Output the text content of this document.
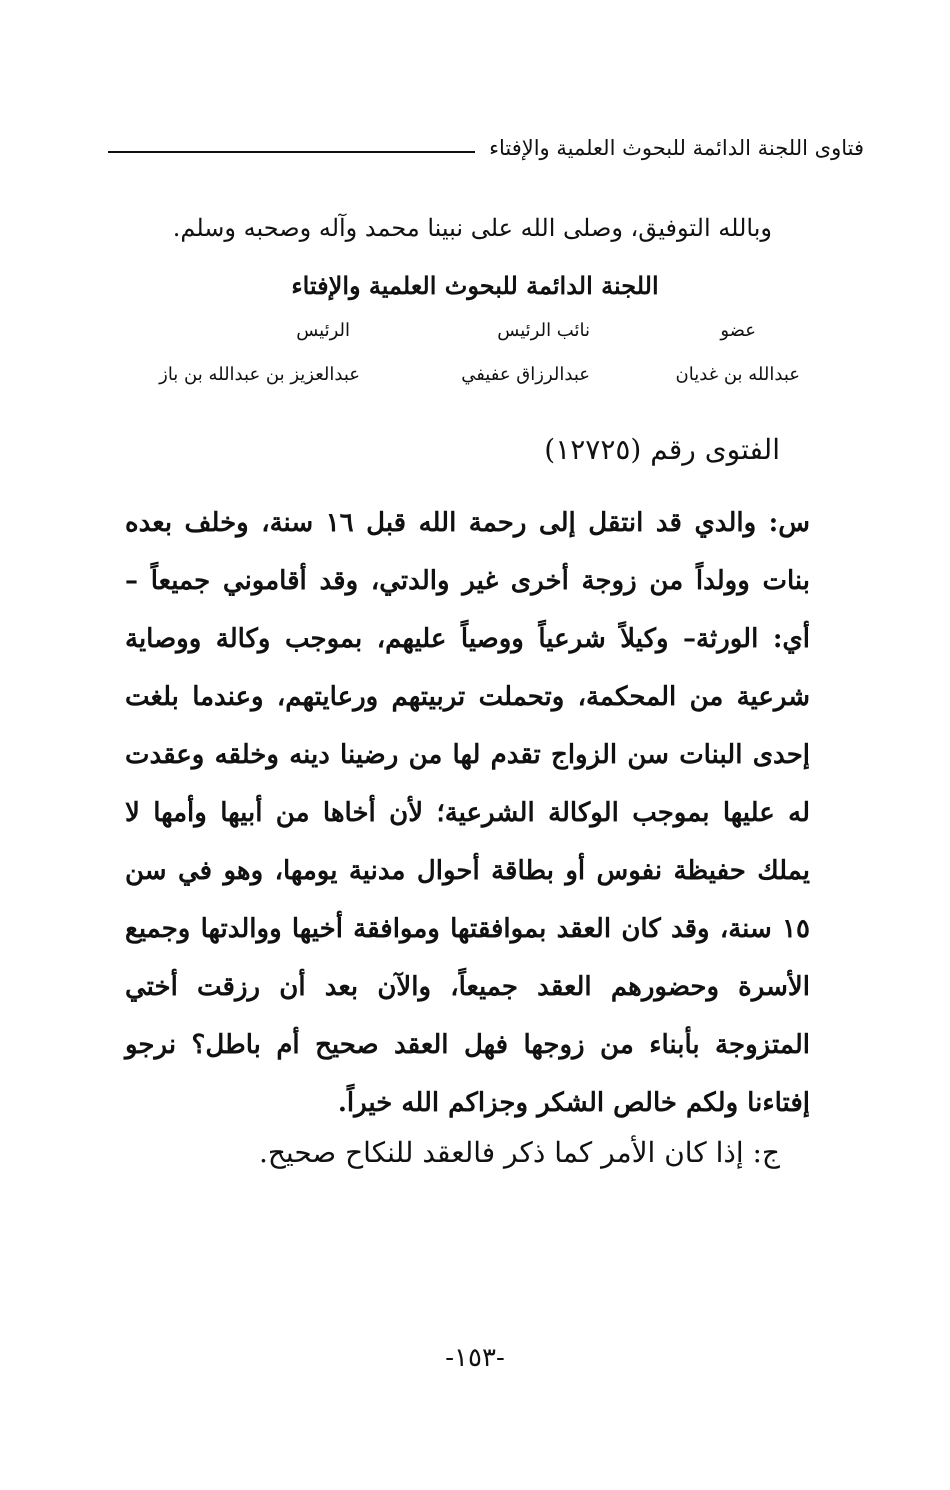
فتاوى اللجنة الدائمة للبحوث العلمية والإفتاء
وبالله التوفيق، وصلى الله على نبينا محمد وآله وصحبه وسلم.
اللجنة الدائمة للبحوث العلمية والإفتاء
عضو
نائب الرئيس
الرئيس
عبدالله بن غديان
عبدالرزاق عفيفي
عبدالعزيز بن عبدالله بن باز
الفتوى رقم (١٢٧٢٥)
س: والدي قد انتقل إلى رحمة الله قبل ١٦ سنة، وخلف بعده بنات وولداً من زوجة أخرى غير والدتي، وقد أقاموني جميعاً –أي: الورثة– وكيلاً شرعياً ووصياً عليهم، بموجب وكالة ووصاية شرعية من المحكمة، وتحملت تربيتهم ورعايتهم، وعندما بلغت إحدى البنات سن الزواج تقدم لها من رضينا دينه وخلقه وعقدت له عليها بموجب الوكالة الشرعية؛ لأن أخاها من أبيها وأمها لا يملك حفيظة نفوس أو بطاقة أحوال مدنية يومها، وهو في سن ١٥ سنة، وقد كان العقد بموافقتها وموافقة أخيها ووالدتها وجميع الأسرة وحضورهم العقد جميعاً، والآن بعد أن رزقت أختي المتزوجة بأبناء من زوجها فهل العقد صحيح أم باطل؟ نرجو إفتاءنا ولكم خالص الشكر وجزاكم الله خيراً.
ج: إذا كان الأمر كما ذكر فالعقد للنكاح صحيح.
-١٥٣-
